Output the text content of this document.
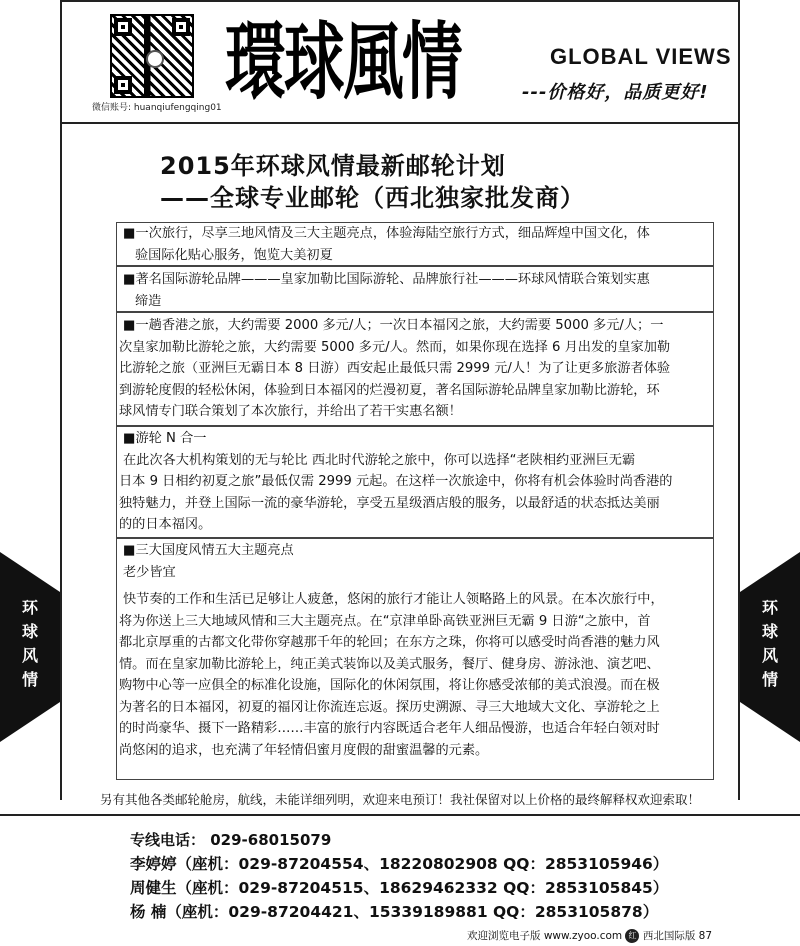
微信账号: huanqiufengqing01 環球風情	GLOBAL VIEWS
---价格好，品质更好!
2015年环球风情最新邮轮计划
——全球专业邮轮（西北独家批发商）

■一次旅行，尽享三地风情及三大主题亮点，体验海陆空旅行方式，细品辉煌中国文化，体

验国际化贴心服务，饱览大美初夏

■著名国际游轮品牌———皇家加勒比国际游轮、品牌旅行社———环球风情联合策划实惠

缔造

■一趟香港之旅，大约需要 2000 多元/人；一次日本福冈之旅，大约需要 5000 多元/人；一

次皇家加勒比游轮之旅，大约需要 5000 多元/人。然而，如果你现在选择 6 月出发的皇家加勒

比游轮之旅（亚洲巨无霸日本 8 日游）西安起止最低只需 2999 元/人！为了让更多旅游者体验

到游轮度假的轻松休闲，体验到日本福冈的烂漫初夏，著名国际游轮品牌皇家加勒比游轮，环

球风情专门联合策划了本次旅行，并给出了若干实惠名额！

■游轮 N 合一

在此次各大机构策划的无与轮比 西北时代游轮之旅中，你可以选择“老陕相约亚洲巨无霸

日本 9 日相约初夏之旅”最低仅需 2999 元起。在这样一次旅途中，你将有机会体验时尚香港的

独特魅力，并登上国际一流的豪华游轮，享受五星级酒店般的服务，以最舒适的状态抵达美丽

的的日本福冈。

■三大国度风情五大主题亮点

老少皆宜

快节奏的工作和生活已足够让人疲惫，悠闲的旅行才能让人领略路上的风景。在本次旅行中，

将为你送上三大地域风情和三大主题亮点。在“京津单卧高铁亚洲巨无霸 9 日游“之旅中，首

都北京厚重的古都文化带你穿越那千年的轮回；在东方之珠，你将可以感受时尚香港的魅力风

情。而在皇家加勒比游轮上，纯正美式装饰以及美式服务，餐厅、健身房、游泳池、演艺吧、

购物中心等一应俱全的标准化设施，国际化的休闲氛围，将让你感受浓郁的美式浪漫。而在极

为著名的日本福冈，初夏的福冈让你流连忘返。探历史溯源、寻三大地域大文化、享游轮之上

的时尚豪华、摄下一路精彩……丰富的旅行内容既适合老年人细品慢游，也适合年轻白领对时

尚悠闲的追求，也充满了年轻情侣蜜月度假的甜蜜温馨的元素。

环
球
风
情
环
球
风
情
另有其他各类邮轮舱房，航线，未能详细列明，欢迎来电预订！我社保留对以上价格的最终解释权欢迎索取！
专线电话： 029-68015079
李婷婷（座机：029-87204554、18220802908 QQ：2853105946）
周健生（座机：029-87204515、18629462332 QQ：2853105845）
杨 楠（座机：029-87204421、15339189881 QQ：2853105878）
欢迎浏览电子版 www.zyoo.com 红 西北国际版 87
